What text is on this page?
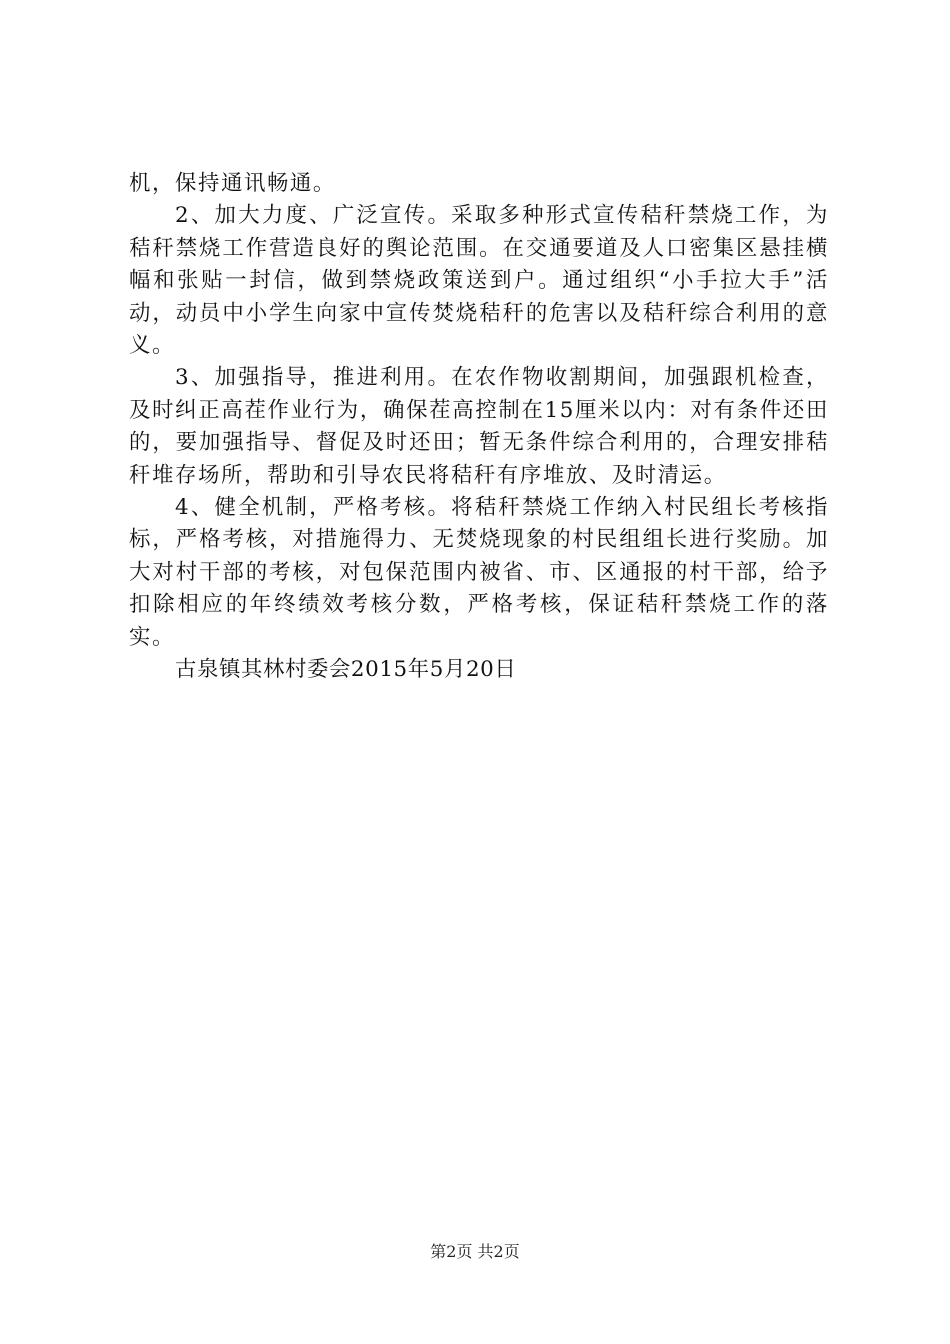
机，保持通讯畅通。

2、加大力度、广泛宣传。采取多种形式宣传秸秆禁烧工作，为秸秆禁烧工作营造良好的舆论范围。在交通要道及人口密集区悬挂横幅和张贴一封信，做到禁烧政策送到户。通过组织“小手拉大手”活动，动员中小学生向家中宣传焚烧秸秆的危害以及秸秆综合利用的意义。

3、加强指导，推进利用。在农作物收割期间，加强跟机检查，及时纠正高茬作业行为，确保茬高控制在15厘米以内：对有条件还田的，要加强指导、督促及时还田；暂无条件综合利用的，合理安排秸秆堆存场所，帮助和引导农民将秸秆有序堆放、及时清运。

4、健全机制，严格考核。将秸秆禁烧工作纳入村民组长考核指标，严格考核，对措施得力、无焚烧现象的村民组组长进行奖励。加大对村干部的考核，对包保范围内被省、市、区通报的村干部，给予扣除相应的年终绩效考核分数，严格考核，保证秸秆禁烧工作的落实。

古泉镇其林村委会2015年5月20日

第2页 共2页
